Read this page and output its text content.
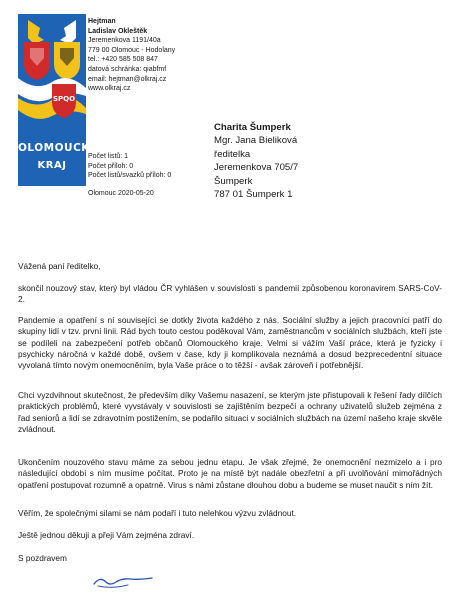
SPQO
OLOMOUCKÝ
KRAJ
Hejtman
Ladislav Okleštěk
Jeremenkova 1191/40a
779 00 Olomouc - Hodolany
tel.: +420 585 508 847
datová schránka: qiabfmf
email: hejtman@olkraj.cz
www.olkraj.cz
Počet listů: 1
Počet příloh: 0
Počet listů/svazků příloh: 0
Olomouc 2020-05-20
Charita Šumperk
Mgr. Jana Bieliková
ředitelka
Jeremenkova 705/7
Šumperk
787 01 Šumperk 1
Vážená paní ředitelko,
skončil nouzový stav, který byl vládou ČR vyhlášen v souvislosti s pandemií způsobenou koronavirem SARS-CoV-2.
Pandemie a opatření s ní související se dotkly života každého z nás. Sociální služby a jejich pracovníci patří do skupiny lidí v tzv. první linii. Rád bych touto cestou poděkoval Vám, zaměstnancům v sociálních službách, kteří jste se podíleli na zabezpečení potřeb občanů Olomouckého kraje. Velmi si vážím Vaší práce, která je fyzicky i psychicky náročná v každé době, ovšem v čase, kdy ji komplikovala neznámá a dosud bezprecedentní situace vyvolaná tímto novým onemocněním, byla Vaše práce o to těžší - avšak zároveň i potřebnější.
Chci vyzdvihnout skutečnost, že především díky Vašemu nasazení, se kterým jste přistupovali k řešení řady dílčích praktických problémů, které vyvstávaly v souvislosti se zajištěním bezpečí a ochrany uživatelů služeb zejména z řad seniorů a lidí se zdravotním postižením, se podařilo situaci v sociálních službách na území našeho kraje skvěle zvládnout.
Ukončením nouzového stavu máme za sebou jednu etapu. Je však zřejmé, že onemocnění nezmizelo a i pro následující období s ním musíme počítat. Proto je na místě být nadále obezřetní a při uvolňování mimořádných opatření postupovat rozumně a opatrně. Virus s námi zůstane dlouhou dobu a budeme se muset naučit s ním žít.
Věřím, že společnými silami se nám podaří i tuto nelehkou výzvu zvládnout.
Ještě jednou děkuji a přeji Vám zejména zdraví.
S pozdravem
